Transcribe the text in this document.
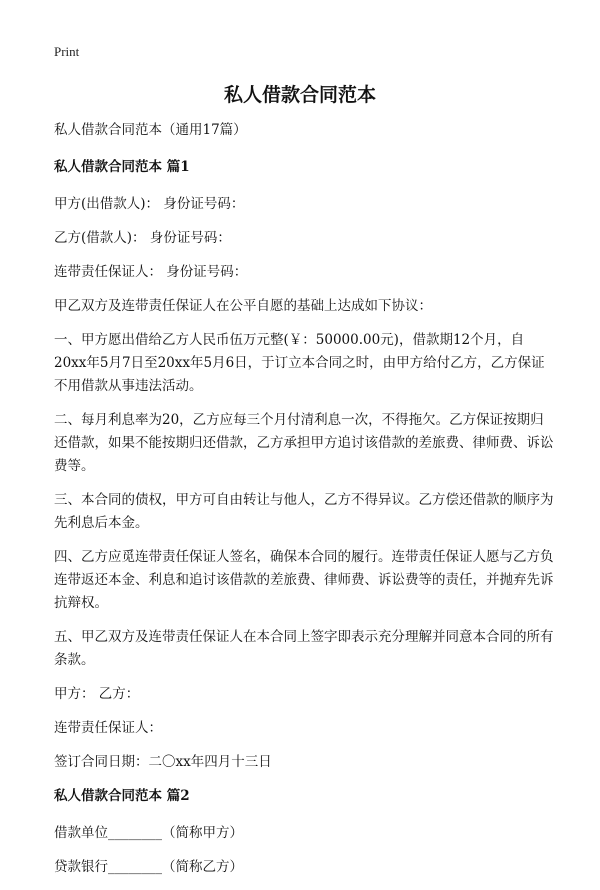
Print
私人借款合同范本

私人借款合同范本（通用17篇）

私人借款合同范本 篇1

甲方(出借款人)： 身份证号码：

乙方(借款人)： 身份证号码：

连带责任保证人： 身份证号码：

甲乙双方及连带责任保证人在公平自愿的基础上达成如下协议：

一、甲方愿出借给乙方人民币伍万元整(￥：50000.00元)，借款期12个月，自20xx年5月7日至20xx年5月6日，于订立本合同之时，由甲方给付乙方，乙方保证不用借款从事违法活动。

二、每月利息率为20，乙方应每三个月付清利息一次，不得拖欠。乙方保证按期归还借款，如果不能按期归还借款，乙方承担甲方追讨该借款的差旅费、律师费、诉讼费等。

三、本合同的债权，甲方可自由转让与他人，乙方不得异议。乙方偿还借款的顺序为先利息后本金。

四、乙方应觅连带责任保证人签名，确保本合同的履行。连带责任保证人愿与乙方负连带返还本金、利息和追讨该借款的差旅费、律师费、诉讼费等的责任，并抛弃先诉抗辩权。

五、甲乙双方及连带责任保证人在本合同上签字即表示充分理解并同意本合同的所有条款。

甲方： 乙方：

连带责任保证人：

签订合同日期：二〇xx年四月十三日

私人借款合同范本 篇2

借款单位________（简称甲方）

贷款银行________（简称乙方）
